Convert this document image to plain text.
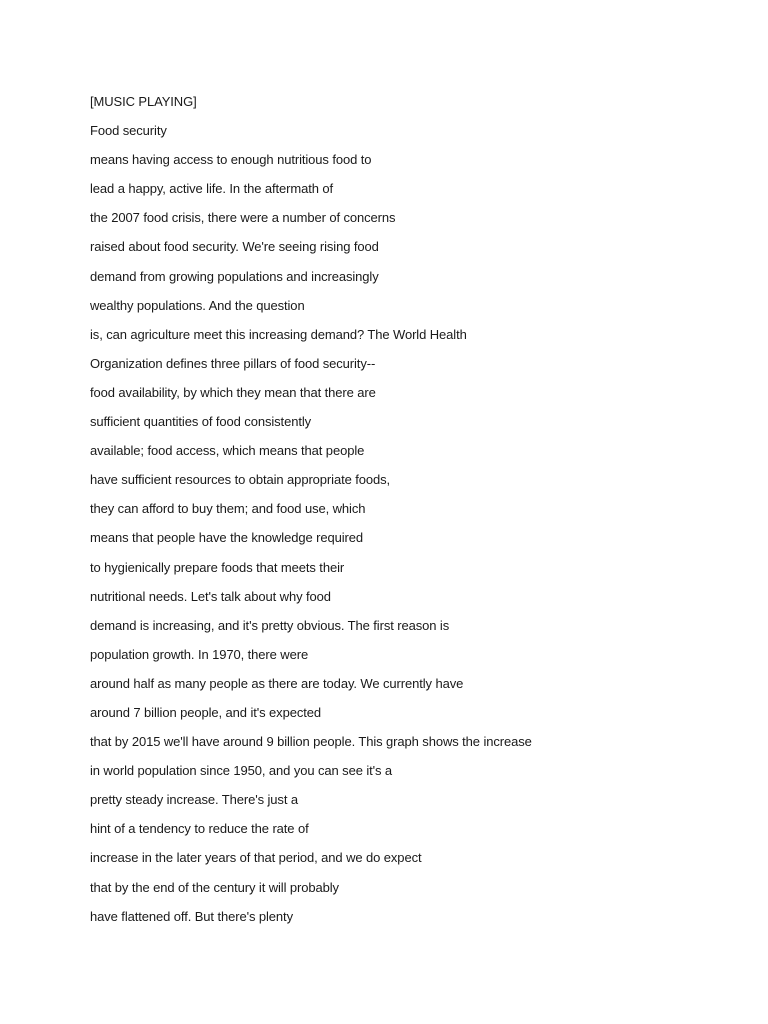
[MUSIC PLAYING]
Food security
means having access to enough nutritious food to
lead a happy, active life. In the aftermath of
the 2007 food crisis, there were a number of concerns
raised about food security. We're seeing rising food
demand from growing populations and increasingly
wealthy populations. And the question
is, can agriculture meet this increasing demand? The World Health
Organization defines three pillars of food security--
food availability, by which they mean that there are
sufficient quantities of food consistently
available; food access, which means that people
have sufficient resources to obtain appropriate foods,
they can afford to buy them; and food use, which
means that people have the knowledge required
to hygienically prepare foods that meets their
nutritional needs. Let's talk about why food
demand is increasing, and it's pretty obvious. The first reason is
population growth. In 1970, there were
around half as many people as there are today. We currently have
around 7 billion people, and it's expected
that by 2015 we'll have around 9 billion people. This graph shows the increase
in world population since 1950, and you can see it's a
pretty steady increase. There's just a
hint of a tendency to reduce the rate of
increase in the later years of that period, and we do expect
that by the end of the century it will probably
have flattened off. But there's plenty
